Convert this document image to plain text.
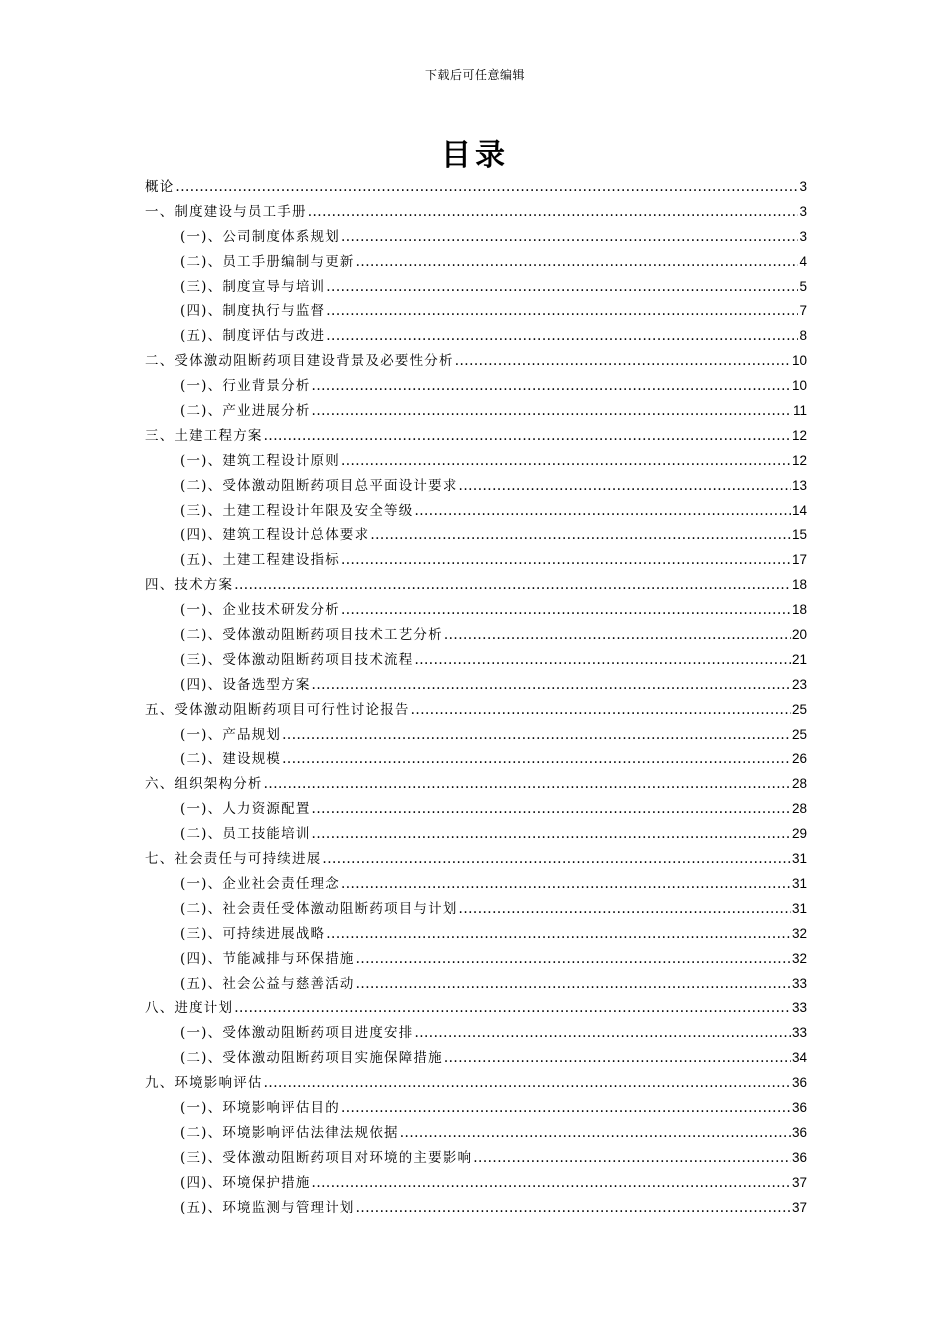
下载后可任意编辑
目录
概论 .....	3
一、制度建设与员工手册 .....	3
(一)、公司制度体系规划 .....	3
(二)、员工手册编制与更新 .....	4
(三)、制度宣导与培训 .....	5
(四)、制度执行与监督 .....	7
(五)、制度评估与改进 .....	8
二、受体激动阻断药项目建设背景及必要性分析 .....	10
(一)、行业背景分析 .....	10
(二)、产业进展分析 .....	11
三、土建工程方案 .....	12
(一)、建筑工程设计原则 .....	12
(二)、受体激动阻断药项目总平面设计要求 .....	13
(三)、土建工程设计年限及安全等级 .....	14
(四)、建筑工程设计总体要求 .....	15
(五)、土建工程建设指标 .....	17
四、技术方案 .....	18
(一)、企业技术研发分析 .....	18
(二)、受体激动阻断药项目技术工艺分析 .....	20
(三)、受体激动阻断药项目技术流程 .....	21
(四)、设备选型方案 .....	23
五、受体激动阻断药项目可行性讨论报告 .....	25
(一)、产品规划 .....	25
(二)、建设规模 .....	26
六、组织架构分析 .....	28
(一)、人力资源配置 .....	28
(二)、员工技能培训 .....	29
七、社会责任与可持续进展 .....	31
(一)、企业社会责任理念 .....	31
(二)、社会责任受体激动阻断药项目与计划 .....	31
(三)、可持续进展战略 .....	32
(四)、节能减排与环保措施 .....	32
(五)、社会公益与慈善活动 .....	33
八、进度计划 .....	33
(一)、受体激动阻断药项目进度安排 .....	33
(二)、受体激动阻断药项目实施保障措施 .....	34
九、环境影响评估 .....	36
(一)、环境影响评估目的 .....	36
(二)、环境影响评估法律法规依据 .....	36
(三)、受体激动阻断药项目对环境的主要影响 .....	36
(四)、环境保护措施 .....	37
(五)、环境监测与管理计划 .....	37
